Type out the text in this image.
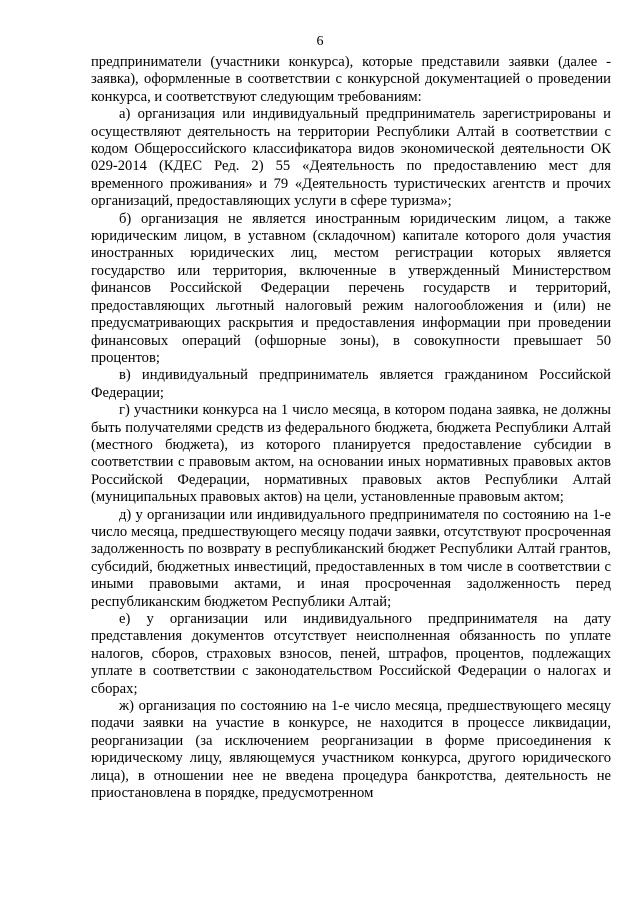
6

предприниматели (участники конкурса), которые представили заявки (далее - заявка), оформленные в соответствии с конкурсной документацией о проведении конкурса, и соответствуют следующим требованиям:

а) организация или индивидуальный предприниматель зарегистрированы и осуществляют деятельность на территории Республики Алтай в соответствии с кодом Общероссийского классификатора видов экономической деятельности ОК 029-2014 (КДЕС Ред. 2) 55 «Деятельность по предоставлению мест для временного проживания» и 79 «Деятельность туристических агентств и прочих организаций, предоставляющих услуги в сфере туризма»;

б) организация не является иностранным юридическим лицом, а также юридическим лицом, в уставном (складочном) капитале которого доля участия иностранных юридических лиц, местом регистрации которых является государство или территория, включенные в утвержденный Министерством финансов Российской Федерации перечень государств и территорий, предоставляющих льготный налоговый режим налогообложения и (или) не предусматривающих раскрытия и предоставления информации при проведении финансовых операций (офшорные зоны), в совокупности превышает 50 процентов;

в) индивидуальный предприниматель является гражданином Российской Федерации;

г) участники конкурса на 1 число месяца, в котором подана заявка, не должны быть получателями средств из федерального бюджета, бюджета Республики Алтай (местного бюджета), из которого планируется предоставление субсидии в соответствии с правовым актом, на основании иных нормативных правовых актов Российской Федерации, нормативных правовых актов Республики Алтай (муниципальных правовых актов) на цели, установленные правовым актом;

д) у организации или индивидуального предпринимателя по состоянию на 1-е число месяца, предшествующего месяцу подачи заявки, отсутствуют просроченная задолженность по возврату в республиканский бюджет Республики Алтай грантов, субсидий, бюджетных инвестиций, предоставленных в том числе в соответствии с иными правовыми актами, и иная просроченная задолженность перед республиканским бюджетом Республики Алтай;

е) у организации или индивидуального предпринимателя на дату представления документов отсутствует неисполненная обязанность по уплате налогов, сборов, страховых взносов, пеней, штрафов, процентов, подлежащих уплате в соответствии с законодательством Российской Федерации о налогах и сборах;

ж) организация по состоянию на 1-е число месяца, предшествующего месяцу подачи заявки на участие в конкурсе, не находится в процессе ликвидации, реорганизации (за исключением реорганизации в форме присоединения к юридическому лицу, являющемуся участником конкурса, другого юридического лица), в отношении нее не введена процедура банкротства, деятельность не приостановлена в порядке, предусмотренном
